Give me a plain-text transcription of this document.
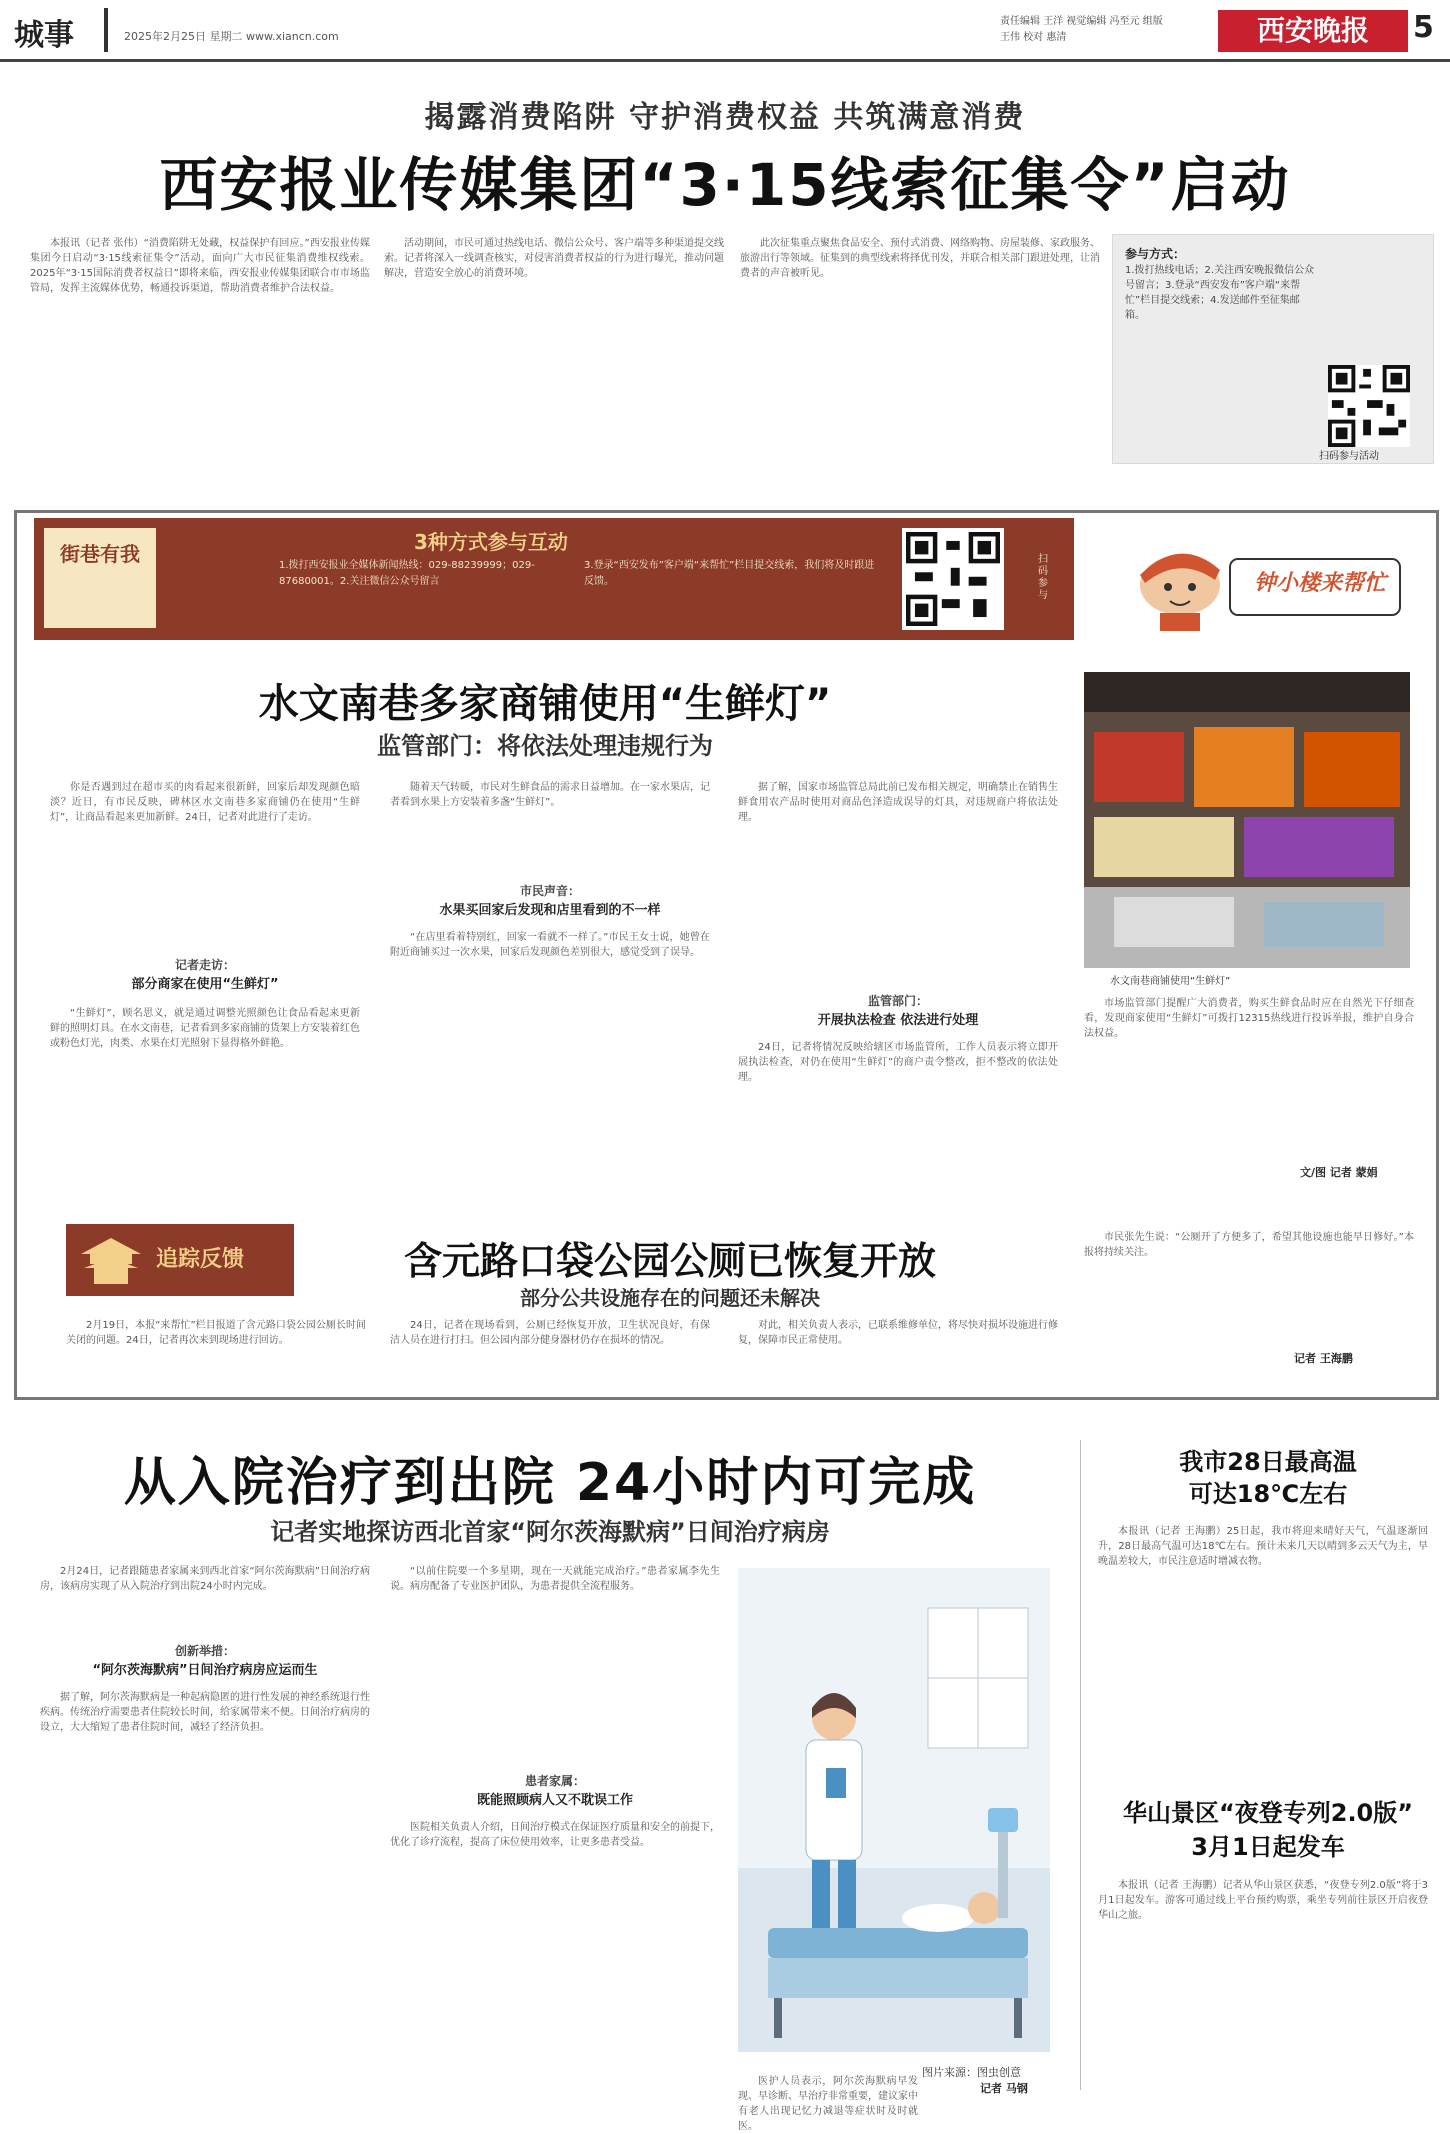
城事	2025年2月25日 星期二 www.xiancn.com
责任编辑 王洋 视觉编辑 冯至元 组版 王伟 校对 惠清	西安晚报	5
揭露消费陷阱 守护消费权益 共筑满意消费
西安报业传媒集团“3·15线索征集令”启动

本报讯（记者 张伟）“消费陷阱无处藏，权益保护有回应。”西安报业传媒集团今日启动“3·15线索征集令”活动，面向广大市民征集消费维权线索。2025年“3·15国际消费者权益日”即将来临，西安报业传媒集团联合市市场监管局，发挥主流媒体优势，畅通投诉渠道，帮助消费者维护合法权益。

活动期间，市民可通过热线电话、微信公众号、客户端等多种渠道提交线索。记者将深入一线调查核实，对侵害消费者权益的行为进行曝光，推动问题解决，营造安全放心的消费环境。

此次征集重点聚焦食品安全、预付式消费、网络购物、房屋装修、家政服务、旅游出行等领域。征集到的典型线索将择优刊发，并联合相关部门跟进处理，让消费者的声音被听见。

参与方式：
1.拨打热线电话；2.关注西安晚报微信公众号留言；3.登录“西安发布”客户端“来帮忙”栏目提交线索；4.发送邮件至征集邮箱。
扫码参与活动
街巷有我	3种方式参与互动
1.拨打西安报业全媒体新闻热线：029-88239999；029-87680001。2.关注微信公众号留言
3.登录“西安发布”客户端“来帮忙”栏目提交线索，我们将及时跟进反馈。
扫码参与	钟小楼来帮忙
水文南巷多家商铺使用“生鲜灯”
监管部门：将依法处理违规行为

你是否遇到过在超市买的肉看起来很新鲜，回家后却发现颜色暗淡？近日，有市民反映，碑林区水文南巷多家商铺仍在使用“生鲜灯”，让商品看起来更加新鲜。24日，记者对此进行了走访。

记者走访：
部分商家在使用“生鲜灯”

“生鲜灯”，顾名思义，就是通过调整光照颜色让食品看起来更新鲜的照明灯具。在水文南巷，记者看到多家商铺的货架上方安装着红色或粉色灯光，肉类、水果在灯光照射下显得格外鲜艳。

随着天气转暖，市民对生鲜食品的需求日益增加。在一家水果店，记者看到水果上方安装着多盏“生鲜灯”。

市民声音：
水果买回家后发现和店里看到的不一样

“在店里看着特别红，回家一看就不一样了。”市民王女士说，她曾在附近商铺买过一次水果，回家后发现颜色差别很大，感觉受到了误导。

据了解，国家市场监管总局此前已发布相关规定，明确禁止在销售生鲜食用农产品时使用对商品色泽造成误导的灯具，对违规商户将依法处理。

监管部门：
开展执法检查 依法进行处理

24日，记者将情况反映给辖区市场监管所，工作人员表示将立即开展执法检查，对仍在使用“生鲜灯”的商户责令整改，拒不整改的依法处理。

水文南巷商铺使用“生鲜灯”

市场监管部门提醒广大消费者，购买生鲜食品时应在自然光下仔细查看，发现商家使用“生鲜灯”可拨打12315热线进行投诉举报，维护自身合法权益。

文/图 记者 蒙娟
追踪反馈	含元路口袋公园公厕已恢复开放
部分公共设施存在的问题还未解决

2月19日，本报“来帮忙”栏目报道了含元路口袋公园公厕长时间关闭的问题。24日，记者再次来到现场进行回访。

24日，记者在现场看到，公厕已经恢复开放，卫生状况良好，有保洁人员在进行打扫。但公园内部分健身器材仍存在损坏的情况。

对此，相关负责人表示，已联系维修单位，将尽快对损坏设施进行修复，保障市民正常使用。

市民张先生说：“公厕开了方便多了，希望其他设施也能早日修好。”本报将持续关注。

记者 王海鹏
从入院治疗到出院 24小时内可完成
记者实地探访西北首家“阿尔茨海默病”日间治疗病房

2月24日，记者跟随患者家属来到西北首家“阿尔茨海默病”日间治疗病房，该病房实现了从入院治疗到出院24小时内完成。

创新举措：
“阿尔茨海默病”日间治疗病房应运而生

据了解，阿尔茨海默病是一种起病隐匿的进行性发展的神经系统退行性疾病。传统治疗需要患者住院较长时间，给家属带来不便。日间治疗病房的设立，大大缩短了患者住院时间，减轻了经济负担。

“以前住院要一个多星期，现在一天就能完成治疗。”患者家属李先生说。病房配备了专业医护团队，为患者提供全流程服务。

患者家属：
既能照顾病人又不耽误工作

医院相关负责人介绍，日间治疗模式在保证医疗质量和安全的前提下，优化了诊疗流程，提高了床位使用效率，让更多患者受益。

图片来源：图虫创意

医护人员表示，阿尔茨海默病早发现、早诊断、早治疗非常重要，建议家中有老人出现记忆力减退等症状时及时就医。

记者 马钢
我市28日最高温
可达18℃左右

本报讯（记者 王海鹏）25日起，我市将迎来晴好天气，气温逐渐回升，28日最高气温可达18℃左右。预计未来几天以晴到多云天气为主，早晚温差较大，市民注意适时增减衣物。

华山景区“夜登专列2.0版”
3月1日起发车

本报讯（记者 王海鹏）记者从华山景区获悉，“夜登专列2.0版”将于3月1日起发车。游客可通过线上平台预约购票，乘坐专列前往景区开启夜登华山之旅。
